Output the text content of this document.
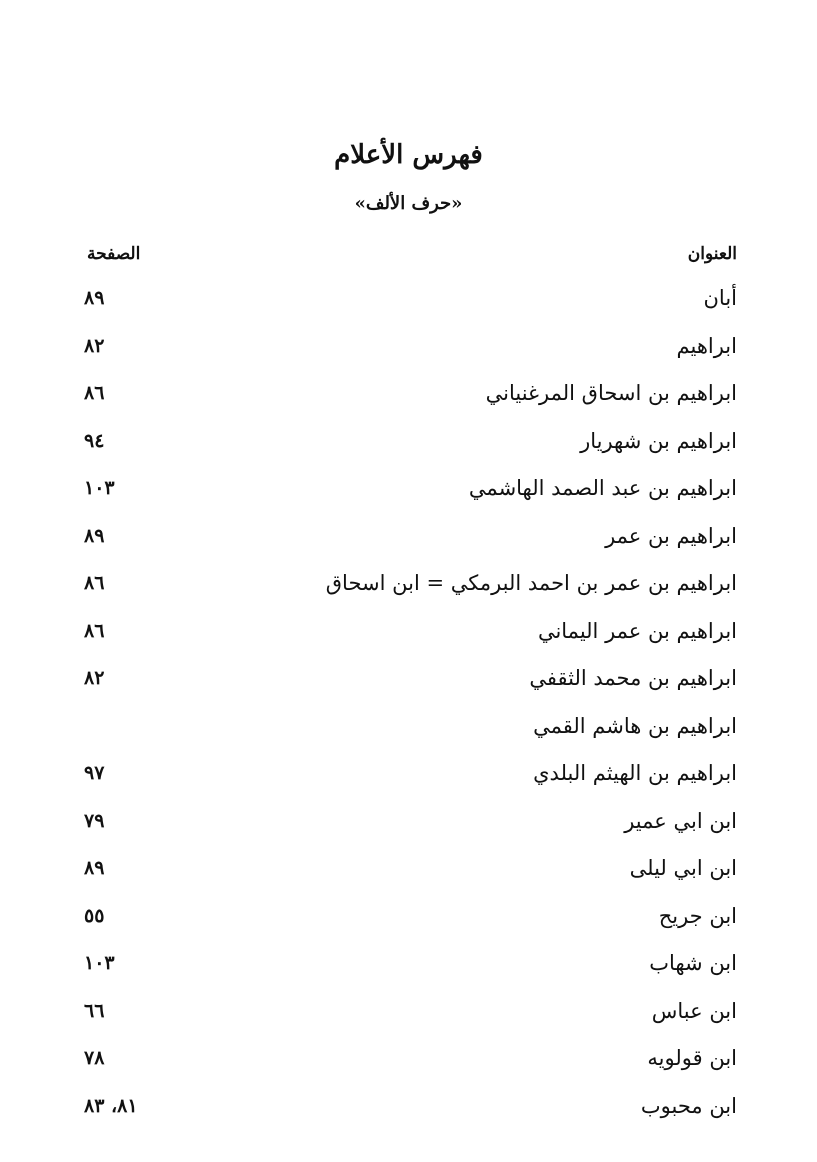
فهرس الأعلام
«حرف الألف»
العنوان
الصفحة
أبان
٨٩
ابراهيم
٨٢
ابراهيم بن اسحاق المرغنياني
٨٦
ابراهيم بن شهريار
٩٤
ابراهيم بن عبد الصمد الهاشمي
١٠٣
ابراهيم بن عمر
٨٩
ابراهيم بن عمر بن احمد البرمكي = ابن اسحاق
٨٦
ابراهيم بن عمر اليماني
٨٦
ابراهيم بن محمد الثقفي
٨٢
ابراهيم بن هاشم القمي
ابراهيم بن الهيثم البلدي
٩٧
ابن ابي عمير
٧٩
ابن ابي ليلى
٨٩
ابن جريح
٥٥
ابن شهاب
١٠٣
ابن عباس
٦٦
ابن قولويه
٧٨
ابن محبوب
٨١، ٨٣
